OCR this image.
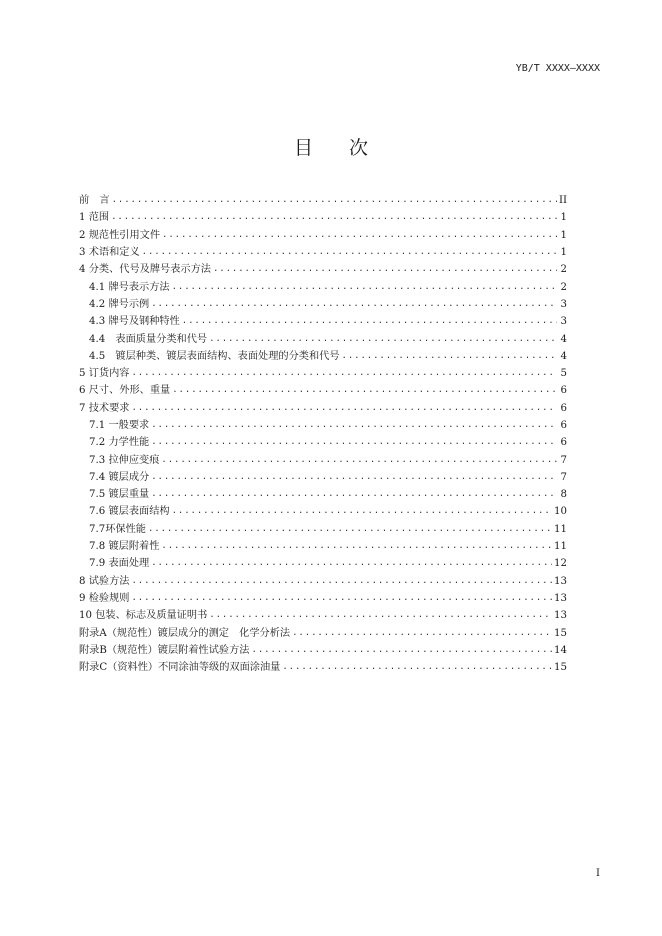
YB/T XXXX—XXXX
目 次
前　言 .....	II
1 范围 .....	1
2 规范性引用文件 .....	1
3 术语和定义 .....	1
4 分类、代号及牌号表示方法 .....	2
4.1 牌号表示方法 .....	2
4.2 牌号示例 .....	3
4.3 牌号及钢种特性 .....	3
4.4　表面质量分类和代号 .....	4
4.5　镀层种类、镀层表面结构、表面处理的分类和代号 .....	4
5 订货内容 .....	5
6 尺寸、外形、重量 .....	6
7 技术要求 .....	6
7.1 一般要求 .....	6
7.2 力学性能 .....	6
7.3 拉伸应变痕 .....	7
7.4 镀层成分 .....	7
7.5 镀层重量 .....	8
7.6 镀层表面结构 .....	10
7.7环保性能 .....	11
7.8 镀层附着性 .....	11
7.9 表面处理 .....	12
8 试验方法 .....	13
9 检验规则 .....	13
10 包装、标志及质量证明书 .....	13
附录A（规范性）镀层成分的测定　化学分析法 .....	15
附录B（规范性）镀层附着性试验方法 .....	14
附录C（资料性）不同涂油等级的双面涂油量 .....	15
I
